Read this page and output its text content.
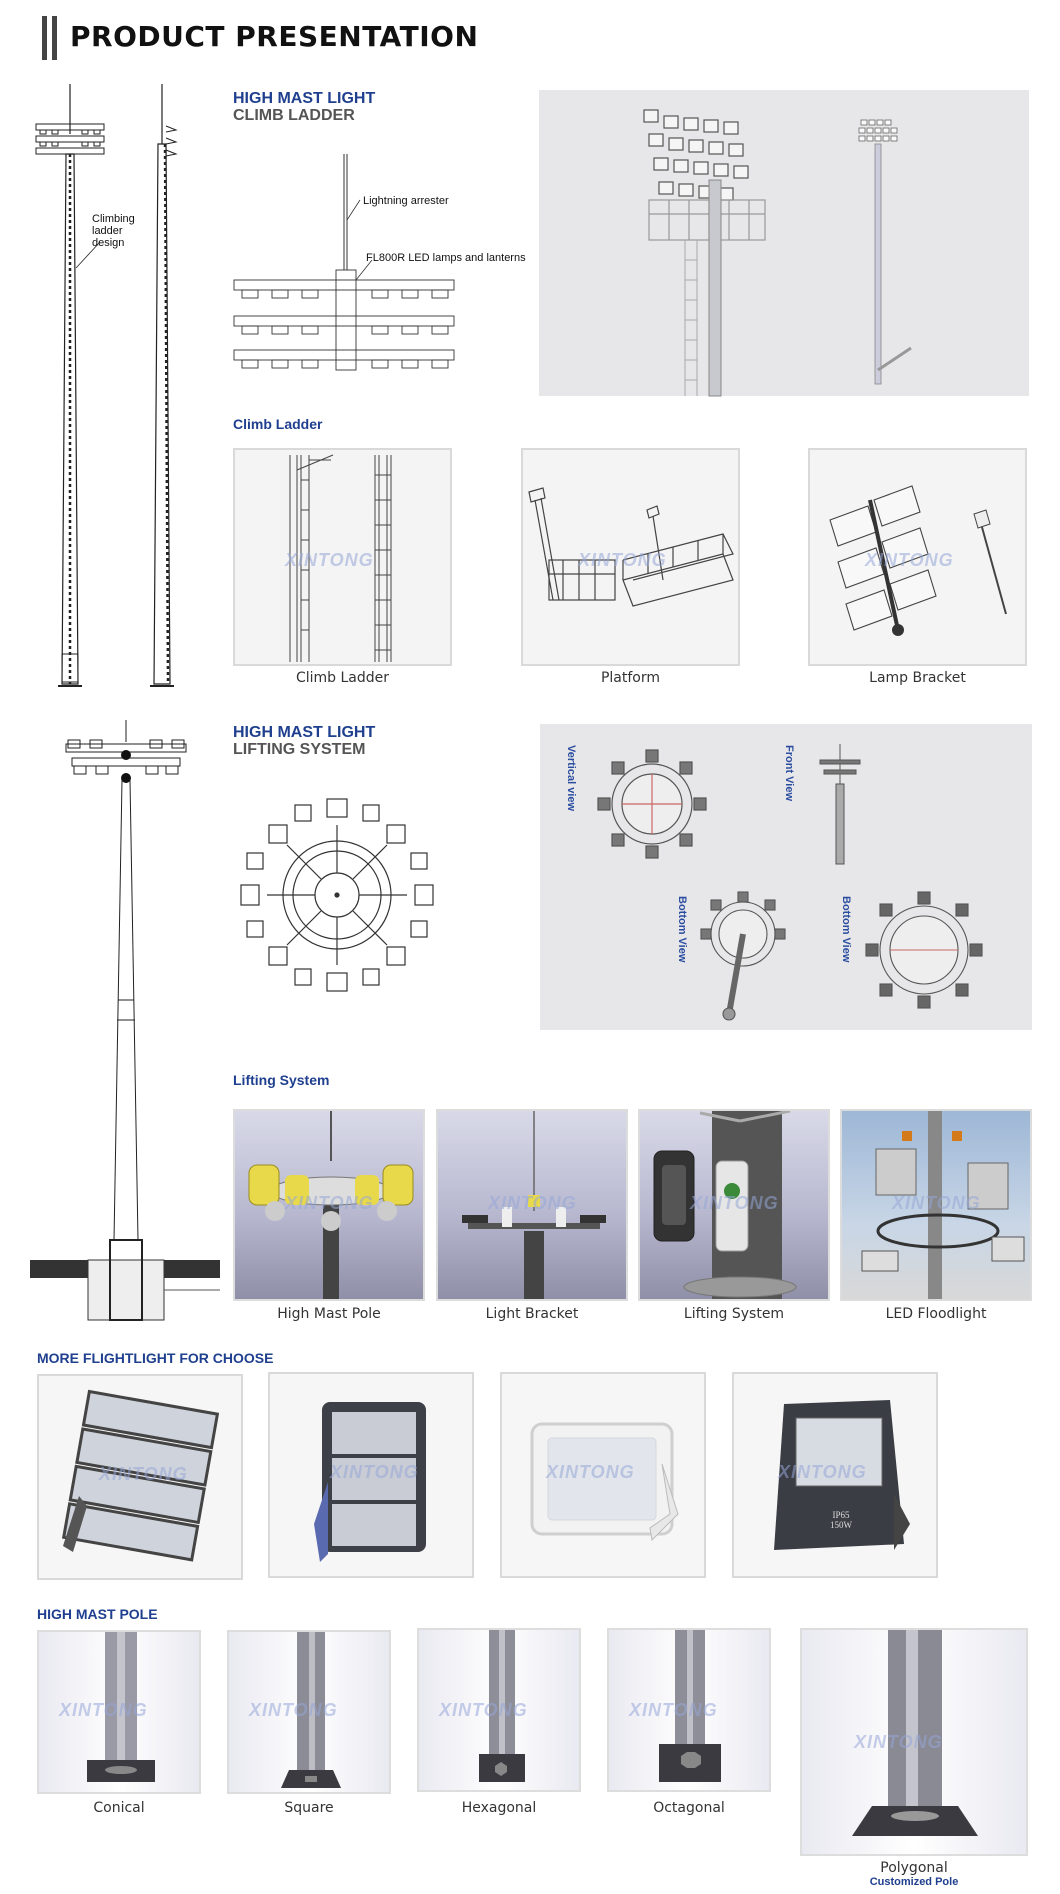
PRODUCT PRESENTATION
Climbing ladder design
HIGH MAST LIGHT
CLIMB LADDER
Lightning arrester
FL800R LED lamps and lanterns
Climb Ladder
XINTONG
Climb Ladder
XINTONG
Platform
XINTONG
Lamp Bracket
HIGH MAST LIGHT
LIFTING SYSTEM	Vertical view	Front View
Bottom View	Bottom View
Lifting System
XINTONG
High Mast Pole
XINTONG
Light Bracket
XINTONG
Lifting System
XINTONG
LED Floodlight
MORE FLIGHTLIGHT FOR CHOOSE
XINTONG	XINTONG	XINTONG
IP65 150W
XINTONG
HIGH MAST POLE
XINTONG
Conical
XINTONG
Square
XINTONG
Hexagonal
XINTONG
Octagonal
XINTONG
Polygonal
Customized Pole
